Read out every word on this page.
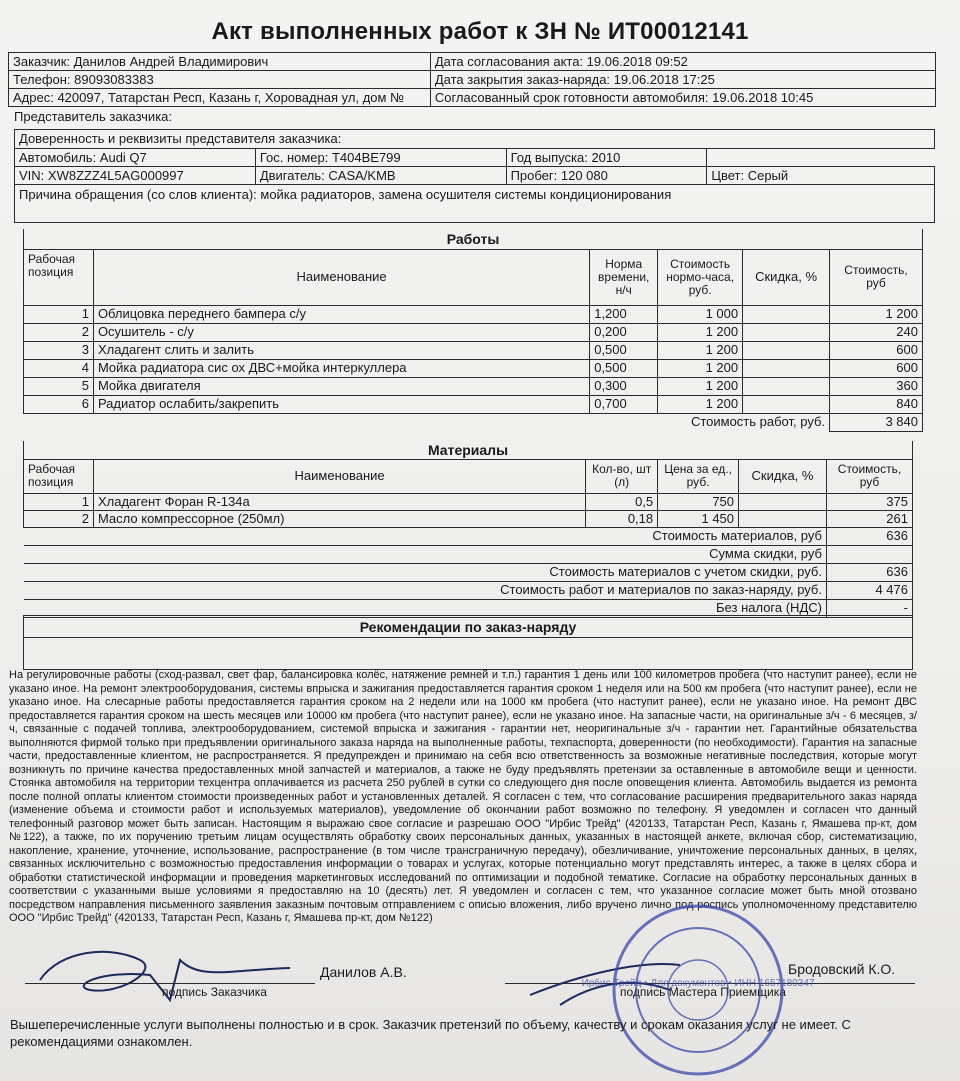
Акт выполненных работ к ЗН № ИТ00012141
Заказчик: Данилов Андрей Владимирович	Дата согласования акта: 19.06.2018 09:52
Телефон: 89093083383	Дата закрытия заказ-наряда: 19.06.2018 17:25
Адрес: 420097, Татарстан Респ, Казань г, Хоровадная ул, дом №	Согласованный срок готовности автомобиля: 19.06.2018 10:45
Представитель заказчика:
Доверенность и реквизиты представителя заказчика:			
Автомобиль: Audi Q7	Гос. номер: Т404ВЕ799	Год выпуска: 2010	
VIN: XW8ZZZ4L5AG000997	Двигатель: CASA/KMB	Пробег: 120 080	Цвет: Серый
Причина обращения (со слов клиента): мойка радиаторов, замена осушителя системы кондиционирования			
Работы					
Рабочая позиция	Наименование	Норма времени, н/ч	Стоимость нормо-часа, руб.	Скидка, %	Стоимость, руб
1	Облицовка переднего бампера с/у	1,200	1 000		1 200
2	Осушитель - с/у	0,200	1 200		240
3	Хладагент слить и залить	0,500	1 200		600
4	Мойка радиатора сис ох ДВС+мойка интеркуллера	0,500	1 200		600
5	Мойка двигателя	0,300	1 200		360
6	Радиатор ослабить/закрепить	0,700	1 200		840
Стоимость работ, руб.					3 840
Материалы					
Рабочая позиция	Наименование	Кол-во, шт (л)	Цена за ед., руб.	Скидка, %	Стоимость, руб
1	Хладагент Форан R-134a	0,5	750		375
2	Масло компрессорное (250мл)	0,18	1 450		261
Стоимость материалов, руб					636
Сумма скидки, руб					
Стоимость материалов с учетом скидки, руб.					636
Стоимость работ и материалов по заказ-наряду, руб.					4 476
Без налога (НДС)					-
Рекомендации по заказ-наряду

На регулировочные работы (сход-развал, свет фар, балансировка колёс, натяжение ремней и т.п.) гарантия 1 день или 100 километров пробега (что наступит ранее), если не указано иное. На ремонт электрооборудования, системы впрыска и зажигания предоставляется гарантия сроком 1 неделя или на 500 км пробега (что наступит ранее), если не указано иное. На слесарные работы предоставляется гарантия сроком на 2 недели или на 1000 км пробега (что наступит ранее), если не указано иное. На ремонт ДВС предоставляется гарантия сроком на шесть месяцев или 10000 км пробега (что наступит ранее), если не указано иное. На запасные части, на оригинальные з/ч - 6 месяцев, з/ч, связанные с подачей топлива, электрооборудованием, системой впрыска и зажигания - гарантии нет, неоригинальные з/ч - гарантии нет. Гарантийные обязательства выполняются фирмой только при предъявлении оригинального заказа наряда на выполненные работы, техпаспорта, доверенности (по необходимости). Гарантия на запасные части, предоставленные клиентом, не распространяется. Я предупрежден и принимаю на себя всю ответственность за возможные негативные последствия, которые могут возникнуть по причине качества предоставленных мной запчастей и материалов, а также не буду предъявлять претензии за оставленные в автомобиле вещи и ценности. Стоянка автомобиля на территории техцентра оплачивается из расчета 250 рублей в сутки со следующего дня после оповещения клиента. Автомобиль выдается из ремонта после полной оплаты клиентом стоимости произведенных работ и установленных деталей. Я согласен с тем, что согласование расширения предварительного заказ наряда (изменение объема и стоимости работ и используемых материалов), уведомление об окончании работ возможно по телефону. Я уведомлен и согласен что данный телефонный разговор может быть записан. Настоящим я выражаю свое согласие и разрешаю ООО "Ирбис Трейд" (420133, Татарстан Респ, Казань г, Ямашева пр-кт, дом №122), а также, по их поручению третьим лицам осуществлять обработку своих персональных данных, указанных в настоящей анкете, включая сбор, систематизацию, накопление, хранение, уточнение, использование, распространение (в том числе трансграничную передачу), обезличивание, уничтожение персональных данных, в целях, связанных исключительно с возможностью предоставления информации о товарах и услугах, которые потенциально могут представлять интерес, а также в целях сбора и обработки статистической информации и проведения маркетинговых исследований по оптимизации и подобной тематике. Согласие на обработку персональных данных в соответствии с указанными выше условиями я предоставляю на 10 (десять) лет. Я уведомлен и согласен с тем, что указанное согласие может быть мной отозвано посредством направления письменного заявления заказным почтовым отправлением с описью вложения, либо вручено лично под роспись уполномоченному представителю ООО "Ирбис Трейд" (420133, Татарстан Респ, Казань г, Ямашева пр-кт, дом №122)
Данилов А.В.
подпись Заказчика
Бродовский К.О.
подпись Мастера Приемщика
Ирбис Трейд • Для документов • ИНН 1657189347
Вышеперечисленные услуги выполнены полностью и в срок. Заказчик претензий по объему, качеству и срокам оказания услуг не имеет. С рекомендациями ознакомлен.
